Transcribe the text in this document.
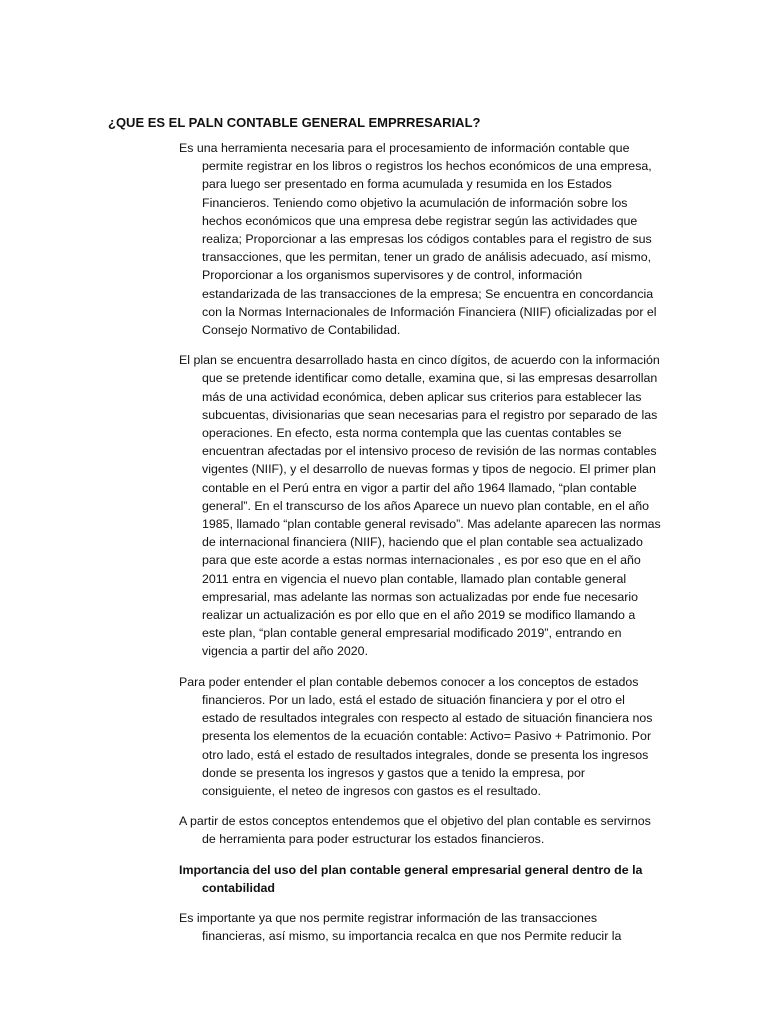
¿QUE ES EL PALN CONTABLE GENERAL EMPRRESARIAL?

Es una herramienta necesaria para el procesamiento de información contable que permite registrar en los libros o registros los hechos económicos de una empresa, para luego ser presentado en forma acumulada y resumida en los Estados Financieros. Teniendo como objetivo la acumulación de información sobre los hechos económicos que una empresa debe registrar según las actividades que realiza; Proporcionar a las empresas los códigos contables para el registro de sus transacciones, que les permitan, tener un grado de análisis adecuado, así mismo, Proporcionar a los organismos supervisores y de control, información estandarizada de las transacciones de la empresa; Se encuentra en concordancia con la Normas Internacionales de Información Financiera (NIIF) oficializadas por el Consejo Normativo de Contabilidad.

El plan se encuentra desarrollado hasta en cinco dígitos, de acuerdo con la información que se pretende identificar como detalle, examina que, si las empresas desarrollan más de una actividad económica, deben aplicar sus criterios para establecer las subcuentas, divisionarias que sean necesarias para el registro por separado de las operaciones. En efecto, esta norma contempla que las cuentas contables se encuentran afectadas por el intensivo proceso de revisión de las normas contables vigentes (NIIF), y el desarrollo de nuevas formas y tipos de negocio. El primer plan contable en el Perú entra en vigor a partir del año 1964 llamado, “plan contable general”. En el transcurso de los años Aparece un nuevo plan contable, en el año 1985, llamado “plan contable general revisado”. Mas adelante aparecen las normas de internacional financiera (NIIF), haciendo que el plan contable sea actualizado para que este acorde a estas normas internacionales , es por eso que en el año 2011 entra en vigencia el nuevo plan contable, llamado plan contable general empresarial, mas adelante las normas son actualizadas por ende fue necesario realizar un actualización es por ello que en el año 2019 se modifico llamando a este plan, “plan contable general empresarial modificado 2019”, entrando en vigencia a partir del año 2020.

Para poder entender el plan contable debemos conocer a los conceptos de estados financieros. Por un lado, está el estado de situación financiera y por el otro el estado de resultados integrales con respecto al estado de situación financiera nos presenta los elementos de la ecuación contable: Activo= Pasivo + Patrimonio. Por otro lado, está el estado de resultados integrales, donde se presenta los ingresos donde se presenta los ingresos y gastos que a tenido la empresa, por consiguiente, el neteo de ingresos con gastos es el resultado.

A partir de estos conceptos entendemos que el objetivo del plan contable es servirnos de herramienta para poder estructurar los estados financieros.

Importancia del uso del plan contable general empresarial general dentro de la contabilidad

Es importante ya que nos permite registrar información de las transacciones financieras, así mismo, su importancia recalca en que nos Permite reducir la
